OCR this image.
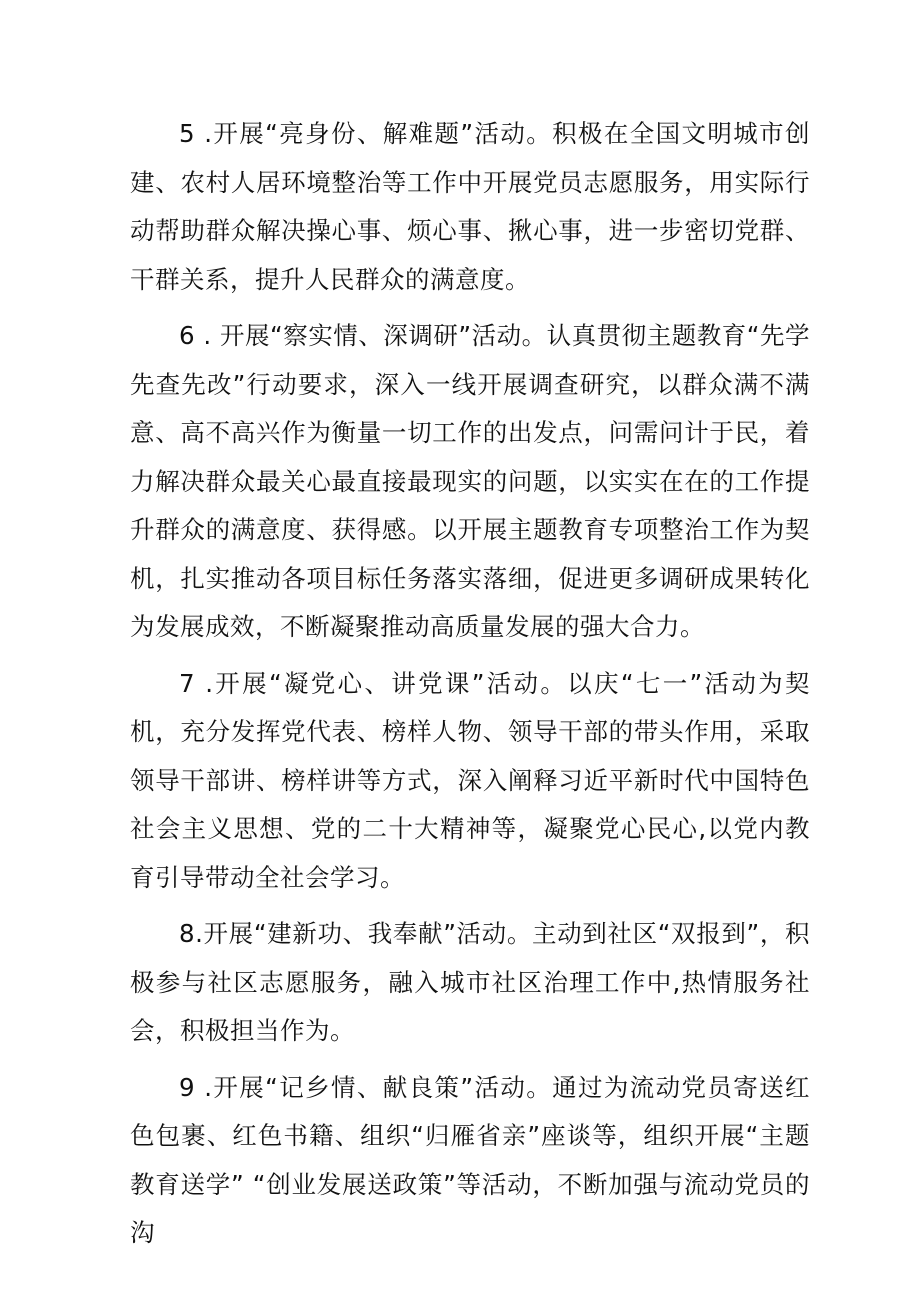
5 .开展“亮身份、解难题”活动。积极在全国文明城市创建、农村人居环境整治等工作中开展党员志愿服务，用实际行动帮助群众解决操心事、烦心事、揪心事，进一步密切党群、干群关系，提升人民群众的满意度。

6 . 开展“察实情、深调研”活动。认真贯彻主题教育“先学先查先改”行动要求，深入一线开展调查研究，以群众满不满意、高不高兴作为衡量一切工作的出发点，问需问计于民，着力解决群众最关心最直接最现实的问题，以实实在在的工作提升群众的满意度、获得感。以开展主题教育专项整治工作为契机，扎实推动各项目标任务落实落细，促进更多调研成果转化为发展成效，不断凝聚推动高质量发展的强大合力。

7 .开展“凝党心、讲党课”活动。以庆“七一”活动为契机，充分发挥党代表、榜样人物、领导干部的带头作用，采取领导干部讲、榜样讲等方式，深入阐释习近平新时代中国特色社会主义思想、党的二十大精神等，凝聚党心民心,以党内教育引导带动全社会学习。

8.开展“建新功、我奉献”活动。主动到社区“双报到”，积极参与社区志愿服务，融入城市社区治理工作中,热情服务社会，积极担当作为。

9 .开展“记乡情、献良策”活动。通过为流动党员寄送红色包裹、红色书籍、组织“归雁省亲”座谈等，组织开展“主题教育送学” “创业发展送政策”等活动，不断加强与流动党员的沟
